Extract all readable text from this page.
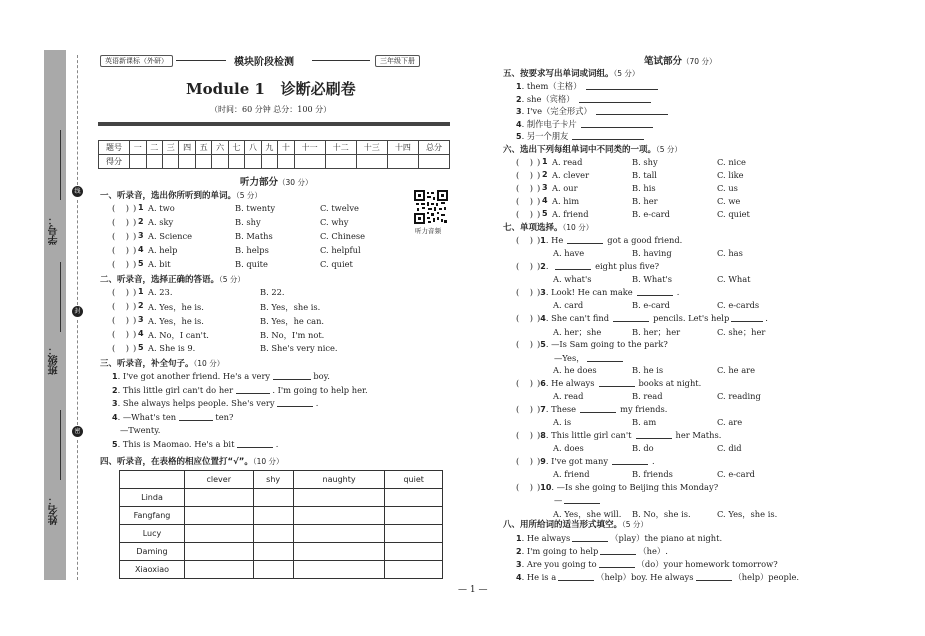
线
封
密
学号：
班级：
姓名：
英语新课标（外研）	模块阶段检测	三年级下册
Module 1   诊断必刷卷
（时间：60 分钟 总分：100 分）
题号	一	二	三	四	五	六	七	八	九	十	十一	十二	十三	十四	总分
得分															
听力部分（30 分）
听力音频
一、听录音，选出你所听到的单词。（5 分）
(    ) 1
) A. two	B. twenty	C. twelve
(    ) 2
) A. sky	B. shy	C. why
(    ) 3
) A. Science	B. Maths	C. Chinese
(    ) 4
) A. help	B. helps	C. helpful
(    ) 5
) A. bit	B. quite	C. quiet
二、听录音，选择正确的答语。（5 分）
(    ) 1
) A. 23.	B. 22.
(    ) 2
) A. Yes，he is.	B. Yes，she is.
(    ) 3
) A. Yes，he is.	B. Yes，he can.
(    ) 4
) A. No，I can't.	B. No，I'm not.
(    ) 5
) A. She is 9.	B. She's very nice.
三、听录音，补全句子。（10 分）
1. I've got another friend. He's a very	boy.
2. This little girl can't do her	. I'm going to help her.
3. She always helps people. She's very	.
4. —What's ten	ten?
—Twenty.
5. This is Maomao. He's a bit	.
四、听录音，在表格的相应位置打“√”。（10 分）
	clever	shy	naughty	quiet
Linda				
Fangfang				
Lucy				
Daming				
Xiaoxiao				
笔试部分（70 分）
五、按要求写出单词或词组。（5 分）
1. them（主格）
2. she（宾格）
3. I've（完全形式）
4. 制作电子卡片
5. 另一个朋友
六、选出下列每组单词中不同类的一项。（5 分）
(    ) 1
) A. read	B. shy	C. nice
(    ) 2
) A. clever	B. tall	C. like
(    ) 3
) A. our	B. his	C. us
(    ) 4
) A. him	B. her	C. we
(    ) 5
) A. friend	B. e-card	C. quiet
七、单项选择。（10 分）
(    ) )1. He	got a good friend.
A. have	B. having	C. has
(    ) )2.	eight plus five?
A. what's	B. What's	C. What
(    ) )3. Look! He can make	.
A. card	B. e-card	C. e-cards
(    ) )4. She can't find	pencils. Let's help	.
A. her；she	B. her；her	C. she；her
(    ) )5. —Is Sam going to the park?
—Yes，
A. he does	B. he is	C. he are
(    ) )6. He always	books at night.
A. read	B. read	C. reading
(    ) )7. These	my friends.
A. is	B. am	C. are
(    ) )8. This little girl can't	her Maths.
A. does	B. do	C. did
(    ) )9. I've got many	.
A. friend	B. friends	C. e-card
(    ) )10. —Is she going to Beijing this Monday?
—
A. Yes，she will. B. No，she is.	C. Yes，she is.
八、用所给词的适当形式填空。（5 分）
1. He always	（play）the piano at night.
2. I'm going to help	（he）.
3. Are you going to	（do）your homework tomorrow?
4. He is a	（help）boy. He always	（help）people.
— 1 —
